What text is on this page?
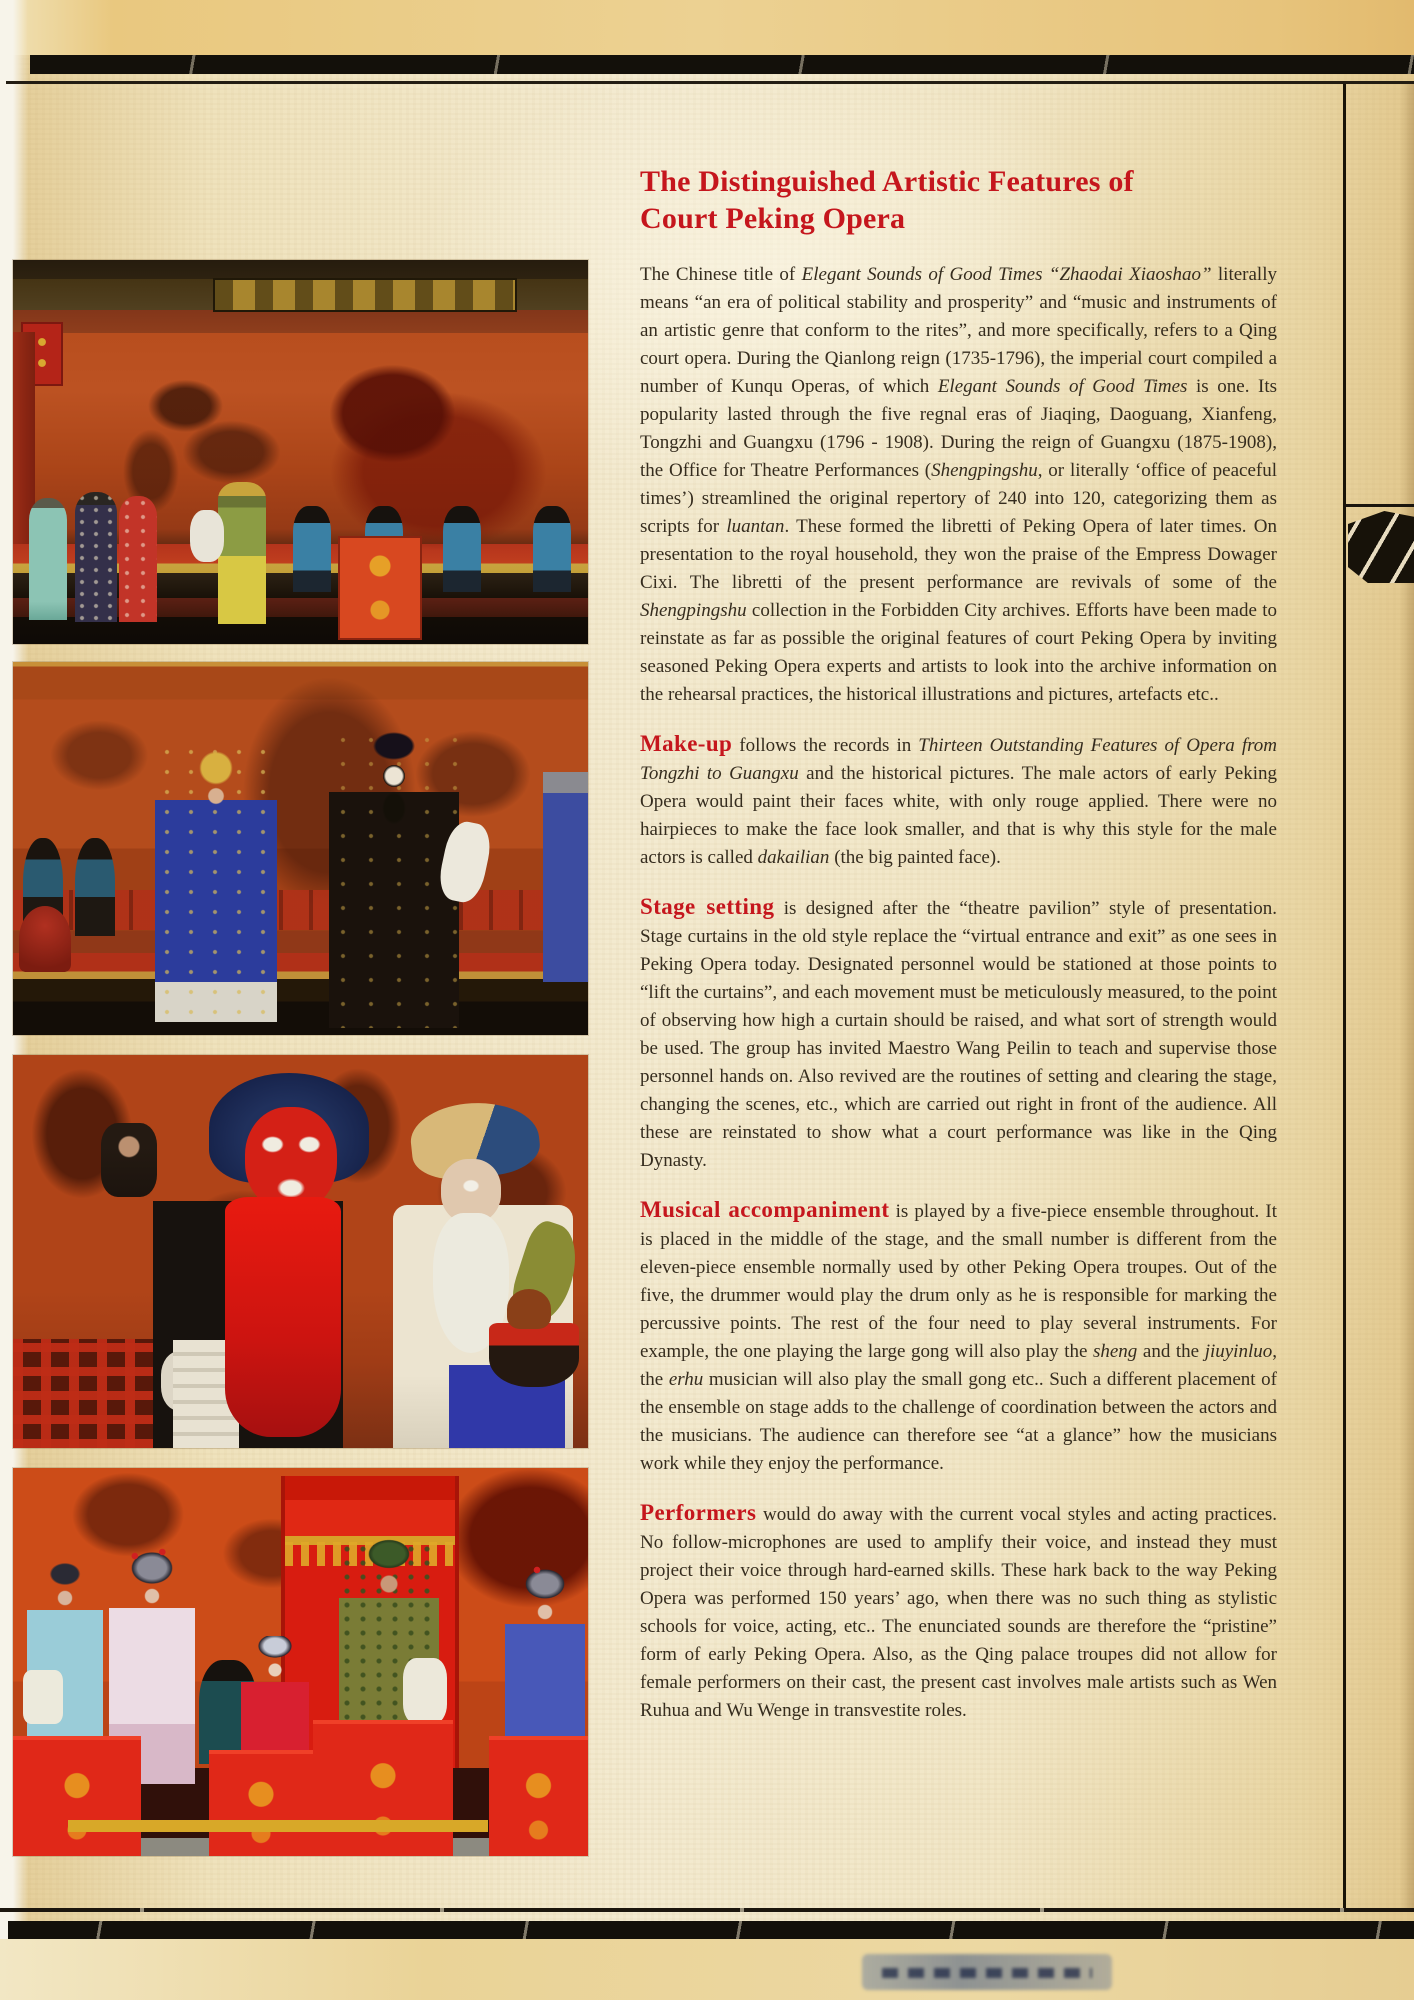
The Distinguished Artistic Features of
Court Peking Opera

The Chinese title of Elegant Sounds of Good Times “Zhaodai Xiaoshao” literally means “an era of political stability and prosperity” and “music and instruments of an artistic genre that conform to the rites”, and more specifically, refers to a Qing court opera. During the Qianlong reign (1735-1796), the imperial court compiled a number of Kunqu Operas, of which Elegant Sounds of Good Times is one. Its popularity lasted through the five regnal eras of Jiaqing, Daoguang, Xianfeng, Tongzhi and Guangxu (1796 - 1908). During the reign of Guangxu (1875-1908), the Office for Theatre Performances (Shengpingshu, or literally ‘office of peaceful times’) streamlined the original repertory of 240 into 120, categorizing them as scripts for luantan. These formed the libretti of Peking Opera of later times. On presentation to the royal household, they won the praise of the Empress Dowager Cixi. The libretti of the present performance are revivals of some of the Shengpingshu collection in the Forbidden City archives. Efforts have been made to reinstate as far as possible the original features of court Peking Opera by inviting seasoned Peking Opera experts and artists to look into the archive information on the rehearsal practices, the historical illustrations and pictures, artefacts etc..

Make-up follows the records in Thirteen Outstanding Features of Opera from Tongzhi to Guangxu and the historical pictures. The male actors of early Peking Opera would paint their faces white, with only rouge applied. There were no hairpieces to make the face look smaller, and that is why this style for the male actors is called dakailian (the big painted face).

Stage setting is designed after the “theatre pavilion” style of presentation. Stage curtains in the old style replace the “virtual entrance and exit” as one sees in Peking Opera today. Designated personnel would be stationed at those points to “lift the curtains”, and each movement must be meticulously measured, to the point of observing how high a curtain should be raised, and what sort of strength would be used. The group has invited Maestro Wang Peilin to teach and supervise those personnel hands on. Also revived are the routines of setting and clearing the stage, changing the scenes, etc., which are carried out right in front of the audience. All these are reinstated to show what a court performance was like in the Qing Dynasty.

Musical accompaniment is played by a five-piece ensemble throughout. It is placed in the middle of the stage, and the small number is different from the eleven-piece ensemble normally used by other Peking Opera troupes. Out of the five, the drummer would play the drum only as he is responsible for marking the percussive points. The rest of the four need to play several instruments. For example, the one playing the large gong will also play the sheng and the jiuyinluo, the erhu musician will also play the small gong etc.. Such a different placement of the ensemble on stage adds to the challenge of coordination between the actors and the musicians. The audience can therefore see “at a glance” how the musicians work while they enjoy the performance.

Performers would do away with the current vocal styles and acting practices. No follow-microphones are used to amplify their voice, and instead they must project their voice through hard-earned skills. These hark back to the way Peking Opera was performed 150 years’ ago, when there was no such thing as stylistic schools for voice, acting, etc.. The enunciated sounds are therefore the “pristine” form of early Peking Opera. Also, as the Qing palace troupes did not allow for female performers on their cast, the present cast involves male artists such as Wen Ruhua and Wu Wenge in transvestite roles.
